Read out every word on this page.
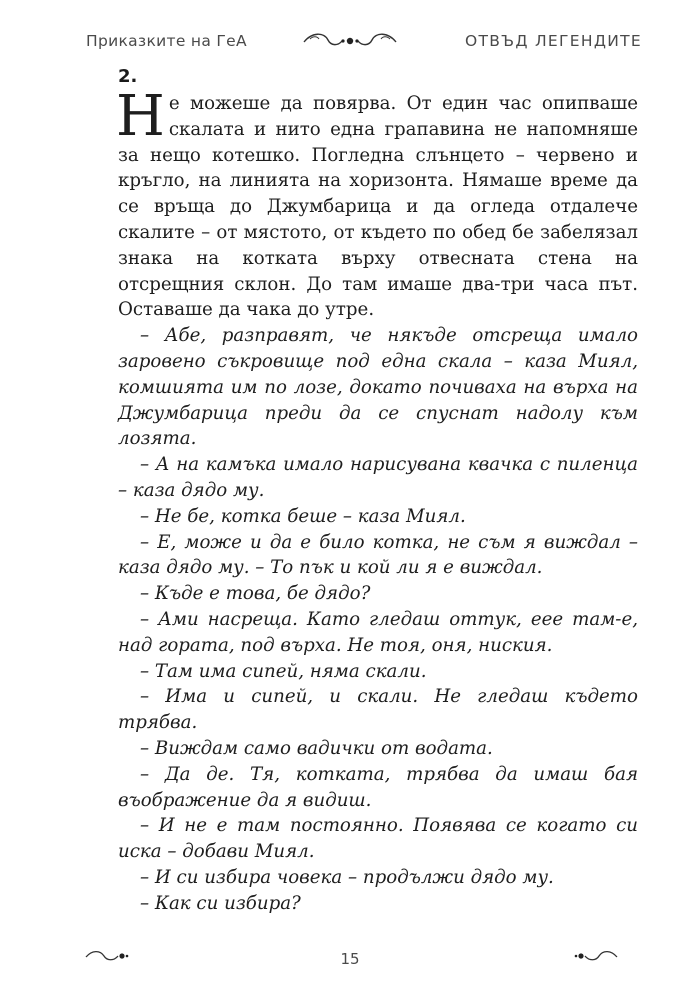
Приказките на ГеА	ОТВЪД ЛЕГЕНДИТЕ
2.

Не можеше да повярва. От един час опипваше скалата и нито една грапавина не напомняше за нещо котешко. Погледна слънцето – червено и кръгло, на линията на хоризонта. Нямаше време да се връща до Джумбарица и да огледа отдалече скалите – от мястото, от където по обед бе забелязал знака на котката върху отвесната стена на отсрещния склон. До там имаше два-три часа път. Оставаше да чака до утре.

– Абе, разправят, че някъде отсреща имало заровено съкровище под една скала – каза Миял, комшията им по лозе, докато почиваха на върха на Джумбарица преди да се спуснат надолу към лозята.

– А на камъка имало нарисувана квачка с пиленца – каза дядо му.

– Не бе, котка беше – каза Миял.

– Е, може и да е било котка, не съм я виждал – каза дядо му. – То пък и кой ли я е виждал.

– Къде е това, бе дядо?

– Ами насреща. Като гледаш оттук, еее там-е, над гората, под върха. Не тоя, оня, ниския.

– Там има сипей, няма скали.

– Има и сипей, и скали. Не гледаш където трябва.

– Виждам само вадички от водата.

– Да де. Тя, котката, трябва да имаш бая въображение да я видиш.

– И не е там постоянно. Появява се когато си иска – добави Миял.

– И си избира човека – продължи дядо му.

– Как си избира?

15
